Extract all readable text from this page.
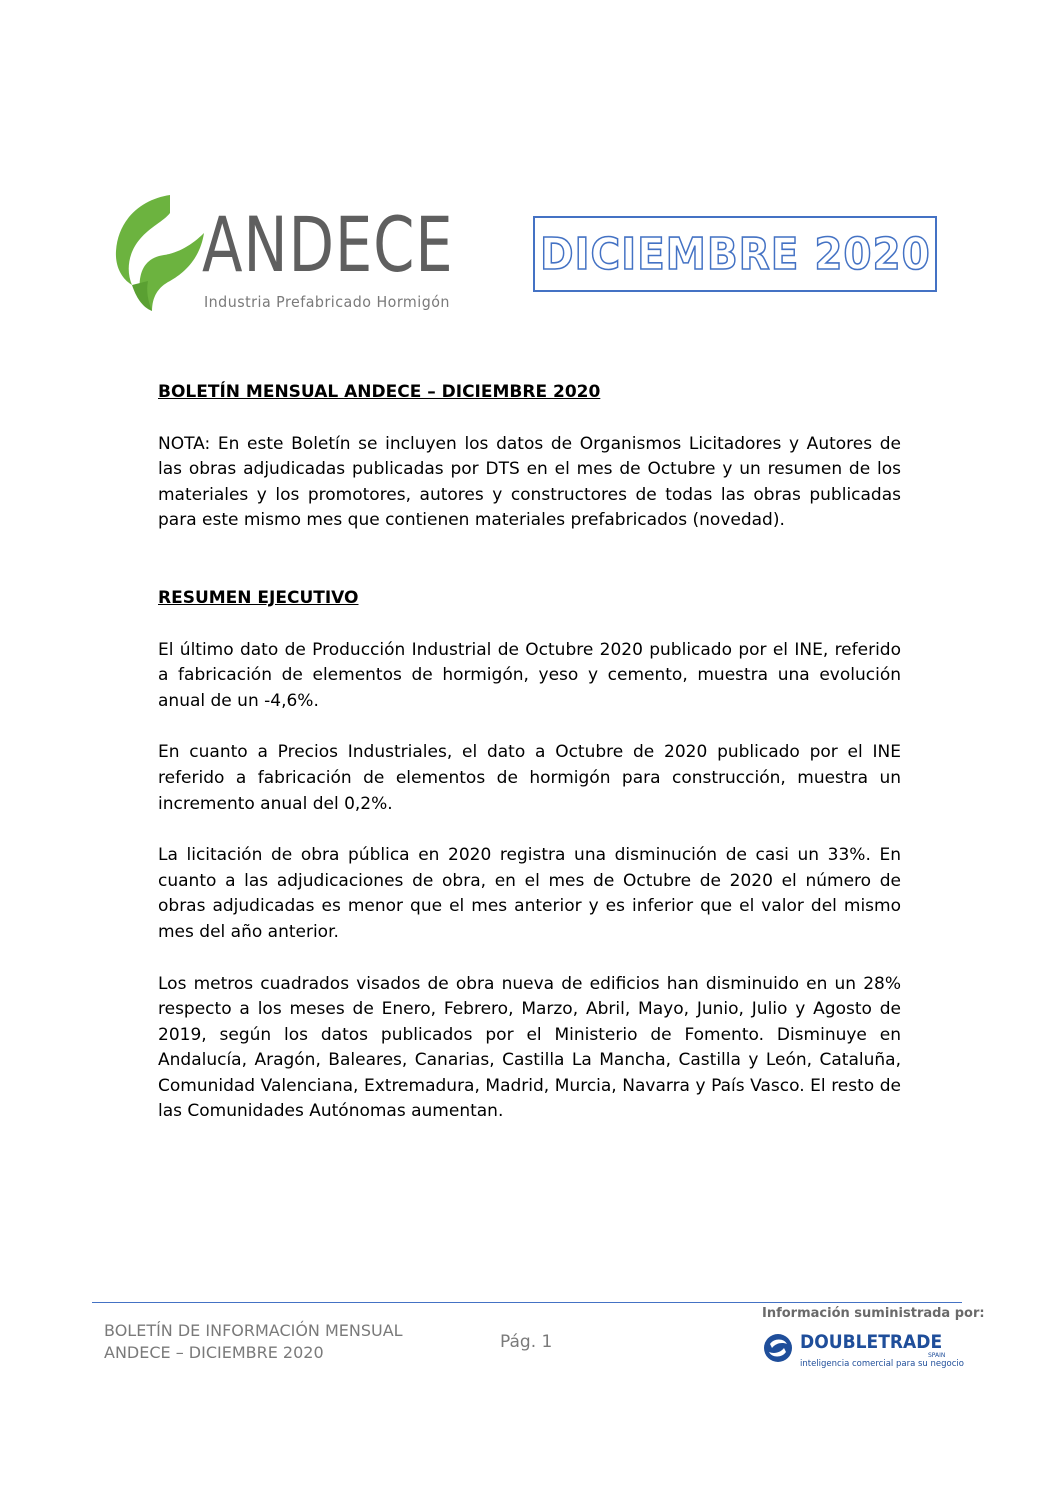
ANDECE
Industria Prefabricado Hormigón
DICIEMBRE 2020

BOLETÍN MENSUAL ANDECE – DICIEMBRE 2020

NOTA: En este Boletín se incluyen los datos de Organismos Licitadores y Autores de las obras adjudicadas publicadas por DTS en el mes de Octubre y un resumen de los materiales y los promotores, autores y constructores de todas las obras publicadas para este mismo mes que contienen materiales prefabricados (novedad).

RESUMEN EJECUTIVO

El último dato de Producción Industrial de Octubre 2020 publicado por el INE, referido a fabricación de elementos de hormigón, yeso y cemento, muestra una evolución anual de un -4,6%.

En cuanto a Precios Industriales, el dato a Octubre de 2020 publicado por el INE referido a fabricación de elementos de hormigón para construcción, muestra un incremento anual del 0,2%.

La licitación de obra pública en 2020 registra una disminución de casi un 33%. En cuanto a las adjudicaciones de obra, en el mes de Octubre de 2020 el número de obras adjudicadas es menor que el mes anterior y es inferior que el valor del mismo mes del año anterior.

Los metros cuadrados visados de obra nueva de edificios han disminuido en un 28% respecto a los meses de Enero, Febrero, Marzo, Abril, Mayo, Junio, Julio y Agosto de 2019, según los datos publicados por el Ministerio de Fomento. Disminuye en Andalucía, Aragón, Baleares, Canarias, Castilla La Mancha, Castilla y León, Cataluña, Comunidad Valenciana, Extremadura, Madrid, Murcia, Navarra y País Vasco. El resto de las Comunidades Autónomas aumentan.

BOLETÍN DE INFORMACIÓN MENSUAL
ANDECE – DICIEMBRE 2020
Pág. 1
Información suministrada por:
DOUBLETRADE
SPAIN
inteligencia comercial para su negocio
